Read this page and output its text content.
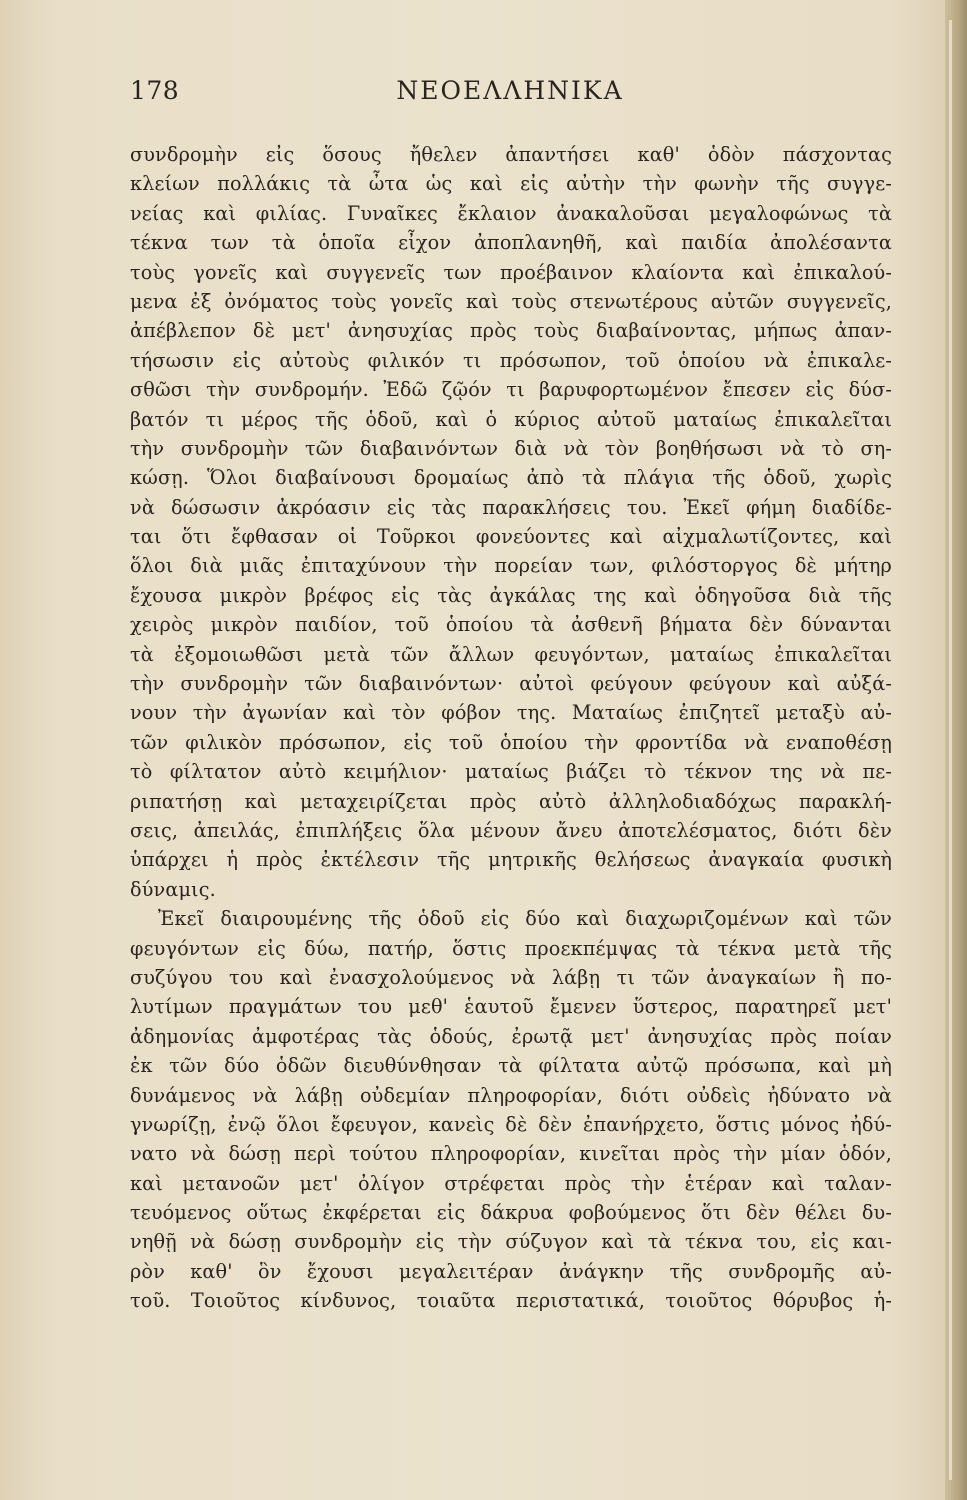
178	ΝΕΟΕΛΛΗΝΙΚΑ
συνδρομὴν εἰς ὅσους ἤθελεν ἀπαντήσει καθ' ὁδὸν πάσχοντας
κλείων πολλάκις τὰ ὦτα ὡς καὶ εἰς αὐτὴν τὴν φωνὴν τῆς συγγε-
νείας καὶ φιλίας. Γυναῖκες ἔκλαιον ἀνακαλοῦσαι μεγαλοφώνως τὰ
τέκνα των τὰ ὁποῖα εἶχον ἀποπλανηθῆ, καὶ παιδία ἀπολέσαντα
τοὺς γονεῖς καὶ συγγενεῖς των προέβαινον κλαίοντα καὶ ἐπικαλού-
μενα ἐξ ὀνόματος τοὺς γονεῖς καὶ τοὺς στενωτέρους αὐτῶν συγγενεῖς,
ἀπέβλεπον δὲ μετ' ἀνησυχίας πρὸς τοὺς διαβαίνοντας, μήπως ἀπαν-
τήσωσιν εἰς αὐτοὺς φιλικόν τι πρόσωπον, τοῦ ὁποίου νὰ ἐπικαλε-
σθῶσι τὴν συνδρομήν. Ἐδῶ ζῷόν τι βαρυφορτωμένον ἔπεσεν εἰς δύσ-
βατόν τι μέρος τῆς ὁδοῦ, καὶ ὁ κύριος αὐτοῦ ματαίως ἐπικαλεῖται
τὴν συνδρομὴν τῶν διαβαινόντων διὰ νὰ τὸν βοηθήσωσι νὰ τὸ ση-
κώσῃ. Ὅλοι διαβαίνουσι δρομαίως ἀπὸ τὰ πλάγια τῆς ὁδοῦ, χωρὶς
νὰ δώσωσιν ἀκρόασιν εἰς τὰς παρακλήσεις του. Ἐκεῖ φήμη διαδίδε-
ται ὅτι ἔφθασαν οἱ Τοῦρκοι φονεύοντες καὶ αἰχμαλωτίζοντες, καὶ
ὅλοι διὰ μιᾶς ἐπιταχύνουν τὴν πορείαν των, φιλόστοργος δὲ μήτηρ
ἔχουσα μικρὸν βρέφος εἰς τὰς ἀγκάλας της καὶ ὁδηγοῦσα διὰ τῆς
χειρὸς μικρὸν παιδίον, τοῦ ὁποίου τὰ ἀσθενῆ βήματα δὲν δύνανται
τὰ ἐξομοιωθῶσι μετὰ τῶν ἄλλων φευγόντων, ματαίως ἐπικαλεῖται
τὴν συνδρομὴν τῶν διαβαινόντων· αὐτοὶ φεύγουν φεύγουν καὶ αὐξά-
νουν τὴν ἀγωνίαν καὶ τὸν φόβον της. Ματαίως ἐπιζητεῖ μεταξὺ αὐ-
τῶν φιλικὸν πρόσωπον, εἰς τοῦ ὁποίου τὴν φροντίδα νὰ εναποθέσῃ
τὸ φίλτατον αὐτὸ κειμήλιον· ματαίως βιάζει τὸ τέκνον της νὰ πε-
ριπατήσῃ καὶ μεταχειρίζεται πρὸς αὐτὸ ἀλληλοδιαδόχως παρακλή-
σεις, ἀπειλάς, ἐπιπλήξεις ὅλα μένουν ἄνευ ἀποτελέσματος, διότι δὲν
ὑπάρχει ἡ πρὸς ἐκτέλεσιν τῆς μητρικῆς θελήσεως ἀναγκαία φυσικὴ
δύναμις.
Ἐκεῖ διαιρουμένης τῆς ὁδοῦ εἰς δύο καὶ διαχωριζομένων καὶ τῶν
φευγόντων εἰς δύω, πατήρ, ὅστις προεκπέμψας τὰ τέκνα μετὰ τῆς
συζύγου του καὶ ἐνασχολούμενος νὰ λάβῃ τι τῶν ἀναγκαίων ἢ πο-
λυτίμων πραγμάτων του μεθ' ἑαυτοῦ ἔμενεν ὕστερος, παρατηρεῖ μετ'
ἀδημονίας ἀμφοτέρας τὰς ὁδούς, ἐρωτᾷ μετ' ἀνησυχίας πρὸς ποίαν
ἐκ τῶν δύο ὁδῶν διευθύνθησαν τὰ φίλτατα αὐτῷ πρόσωπα, καὶ μὴ
δυνάμενος νὰ λάβῃ οὐδεμίαν πληροφορίαν, διότι οὐδεὶς ἠδύνατο νὰ
γνωρίζῃ, ἐνῷ ὅλοι ἔφευγον, κανεὶς δὲ δὲν ἐπανήρχετο, ὅστις μόνος ἠδύ-
νατο νὰ δώσῃ περὶ τούτου πληροφορίαν, κινεῖται πρὸς τὴν μίαν ὁδόν,
καὶ μετανοῶν μετ' ὀλίγον στρέφεται πρὸς τὴν ἑτέραν καὶ ταλαν-
τευόμενος οὕτως ἐκφέρεται εἰς δάκρυα φοβούμενος ὅτι δὲν θέλει δυ-
νηθῇ νὰ δώσῃ συνδρομὴν εἰς τὴν σύζυγον καὶ τὰ τέκνα του, εἰς και-
ρὸν καθ' ὃν ἔχουσι μεγαλειτέραν ἀνάγκην τῆς συνδρομῆς αὐ-
τοῦ. Τοιοῦτος κίνδυνος, τοιαῦτα περιστατικά, τοιοῦτος θόρυβος ἡ-
